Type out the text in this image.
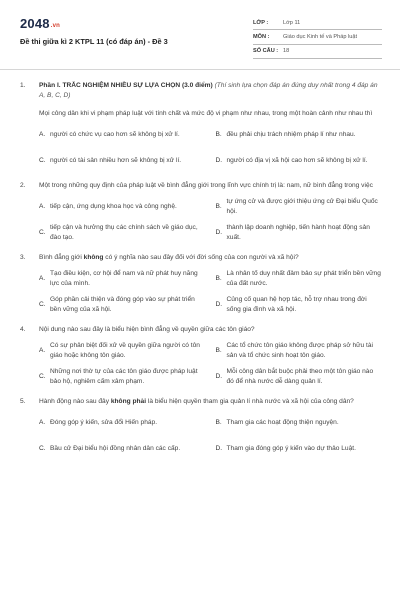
2048.vn
Đề thi giữa kì 2 KTPL 11 (có đáp án) - Đề 3
LỚP :	Lớp 11
MÔN :	Giáo dục Kinh tế và Pháp luật
SỐ CÂU : 18
1.	Phần I. TRẮC NGHIỆM NHIỀU SỰ LỰA CHỌN (3.0 điểm) (Thí sinh lựa chọn đáp án đúng duy nhất trong 4 đáp án A, B, C, D)
Mọi công dân khi vi phạm pháp luật với tính chất và mức độ vi phạm như nhau, trong một hoàn cảnh như nhau thì
A. người có chức vụ cao hơn sẽ không bị xử lí.	B. đều phải chịu trách nhiệm pháp lí như nhau.
C. người có tài sản nhiều hơn sẽ không bị xử lí.	D. người có địa vị xã hội cao hơn sẽ không bị xử lí.
2.	Một trong những quy định của pháp luật về bình đẳng giới trong lĩnh vực chính trị là: nam, nữ bình đẳng trong việc
A. tiếp cận, ứng dụng khoa học và công nghệ.	B.
tự ứng cử và được giới thiệu ứng cử Đại biểu Quốc hội.
C.
tiếp cận và hưởng thụ các chính sách về giáo dục, đào tạo.
D.
thành lập doanh nghiệp, tiến hành hoạt động sản xuất.
3.	Bình đẳng giới không có ý nghĩa nào sau đây đối với đời sống của con người và xã hội?
A.
Tạo điều kiện, cơ hội để nam và nữ phát huy năng lực của mình.
B.
Là nhân tố duy nhất đảm bảo sự phát triển bền vững của đất nước.
C.
Góp phần cải thiện và đóng góp vào sự phát triển bền vững của xã hội.
D.
Củng cố quan hệ hợp tác, hỗ trợ nhau trong đời sống gia đình và xã hội.
4.	Nội dung nào sau đây là biểu hiện bình đẳng về quyền giữa các tôn giáo?
A.
Có sự phân biệt đối xử về quyền giữa người có tôn giáo hoặc không tôn giáo.
B.
Các tổ chức tôn giáo không được pháp sở hữu tài sản và tổ chức sinh hoạt tôn giáo.
C.
Những nơi thờ tự của các tôn giáo được pháp luật bảo hộ, nghiêm cấm xâm phạm.
D.
Mỗi công dân bắt buộc phải theo một tôn giáo nào đó để nhà nước dễ dàng quản lí.
5.	Hành động nào sau đây không phải là biểu hiện quyền tham gia quản lí nhà nước và xã hội của công dân?
A. Đóng góp ý kiến, sửa đổi Hiến pháp.	B. Tham gia các hoạt động thiện nguyện.
C. Bầu cử Đại biểu hội đồng nhân dân các cấp.	D. Tham gia đóng góp ý kiến vào dự thảo Luật.
